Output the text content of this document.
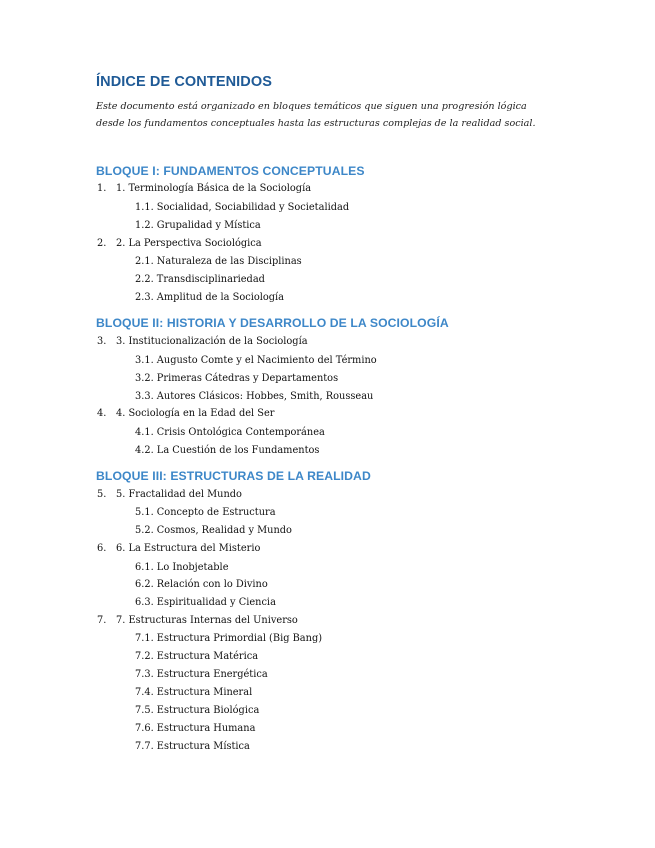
ÍNDICE DE CONTENIDOS
Este documento está organizado en bloques temáticos que siguen una progresión lógica desde los fundamentos conceptuales hasta las estructuras complejas de la realidad social.
BLOQUE I: FUNDAMENTOS CONCEPTUALES
1. 1. Terminología Básica de la Sociología
1.1. Socialidad, Sociabilidad y Societalidad
1.2. Grupalidad y Mística
2. 2. La Perspectiva Sociológica
2.1. Naturaleza de las Disciplinas
2.2. Transdisciplinariedad
2.3. Amplitud de la Sociología
BLOQUE II: HISTORIA Y DESARROLLO DE LA SOCIOLOGÍA
3. 3. Institucionalización de la Sociología
3.1. Augusto Comte y el Nacimiento del Término
3.2. Primeras Cátedras y Departamentos
3.3. Autores Clásicos: Hobbes, Smith, Rousseau
4. 4. Sociología en la Edad del Ser
4.1. Crisis Ontológica Contemporánea
4.2. La Cuestión de los Fundamentos
BLOQUE III: ESTRUCTURAS DE LA REALIDAD
5. 5. Fractalidad del Mundo
5.1. Concepto de Estructura
5.2. Cosmos, Realidad y Mundo
6. 6. La Estructura del Misterio
6.1. Lo Inobjetable
6.2. Relación con lo Divino
6.3. Espiritualidad y Ciencia
7. 7. Estructuras Internas del Universo
7.1. Estructura Primordial (Big Bang)
7.2. Estructura Matérica
7.3. Estructura Energética
7.4. Estructura Mineral
7.5. Estructura Biológica
7.6. Estructura Humana
7.7. Estructura Mística
